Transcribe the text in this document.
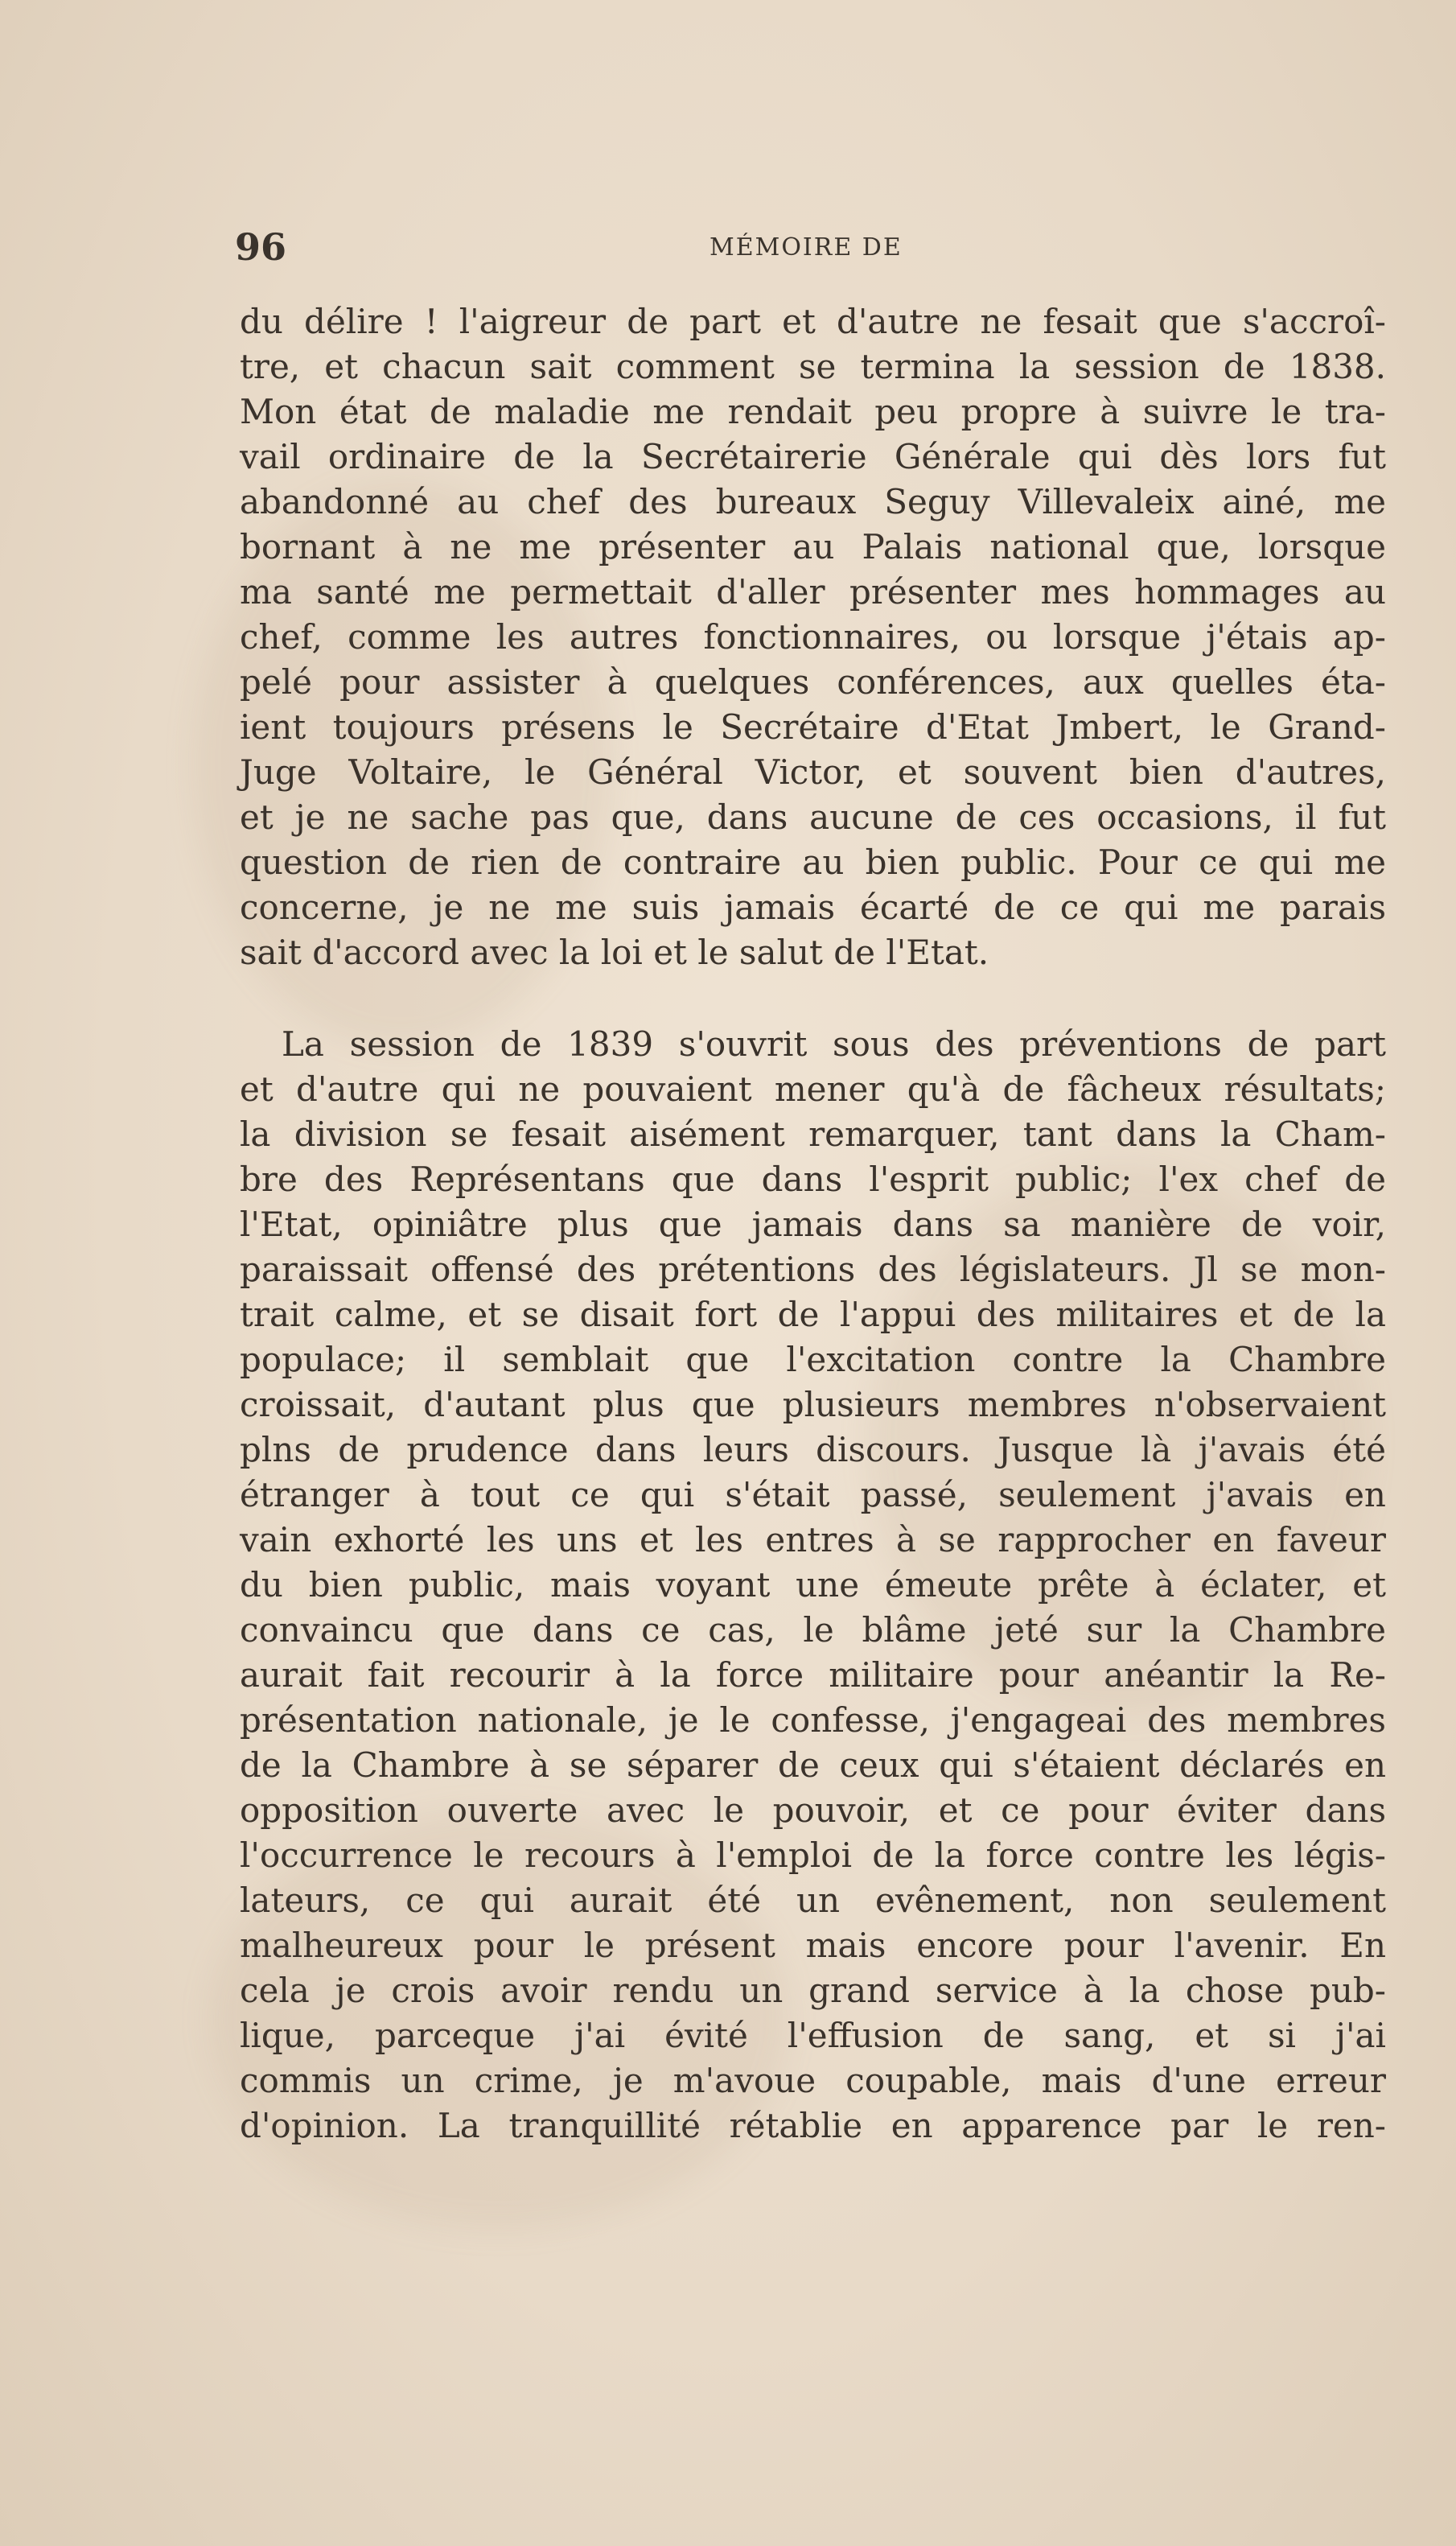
96	MÉMOIRE DE
du délire ! l'aigreur de part et d'autre ne fesait que s'accroî-
tre, et chacun sait comment se termina la session de 1838.
Mon état de maladie me rendait peu propre à suivre le tra-
vail ordinaire de la Secrétairerie Générale qui dès lors fut
abandonné au chef des bureaux Seguy Villevaleix ainé, me
bornant à ne me présenter au Palais national que, lorsque
ma santé me permettait d'aller présenter mes hommages au
chef, comme les autres fonctionnaires, ou lorsque j'étais ap-
pelé pour assister à quelques conférences, aux quelles éta-
ient toujours présens le Secrétaire d'Etat Jmbert, le Grand-
Juge Voltaire, le Général Victor, et souvent bien d'autres,
et je ne sache pas que, dans aucune de ces occasions, il fut
question de rien de contraire au bien public. Pour ce qui me
concerne, je ne me suis jamais écarté de ce qui me parais
sait d'accord avec la loi et le salut de l'Etat.
La session de 1839 s'ouvrit sous des préventions de part
et d'autre qui ne pouvaient mener qu'à de fâcheux résultats;
la division se fesait aisément remarquer, tant dans la Cham-
bre des Représentans que dans l'esprit public; l'ex chef de
l'Etat, opiniâtre plus que jamais dans sa manière de voir,
paraissait offensé des prétentions des législateurs. Jl se mon-
trait calme, et se disait fort de l'appui des militaires et de la
populace; il semblait que l'excitation contre la Chambre
croissait, d'autant plus que plusieurs membres n'observaient
plns de prudence dans leurs discours. Jusque là j'avais été
étranger à tout ce qui s'était passé, seulement j'avais en
vain exhorté les uns et les entres à se rapprocher en faveur
du bien public, mais voyant une émeute prête à éclater, et
convaincu que dans ce cas, le blâme jeté sur la Chambre
aurait fait recourir à la force militaire pour anéantir la Re-
présentation nationale, je le confesse, j'engageai des membres
de la Chambre à se séparer de ceux qui s'étaient déclarés en
opposition ouverte avec le pouvoir, et ce pour éviter dans
l'occurrence le recours à l'emploi de la force contre les légis-
lateurs, ce qui aurait été un evênement, non seulement
malheureux pour le présent mais encore pour l'avenir. En
cela je crois avoir rendu un grand service à la chose pub-
lique, parceque j'ai évité l'effusion de sang, et si j'ai
commis un crime, je m'avoue coupable, mais d'une erreur
d'opinion. La tranquillité rétablie en apparence par le ren-
